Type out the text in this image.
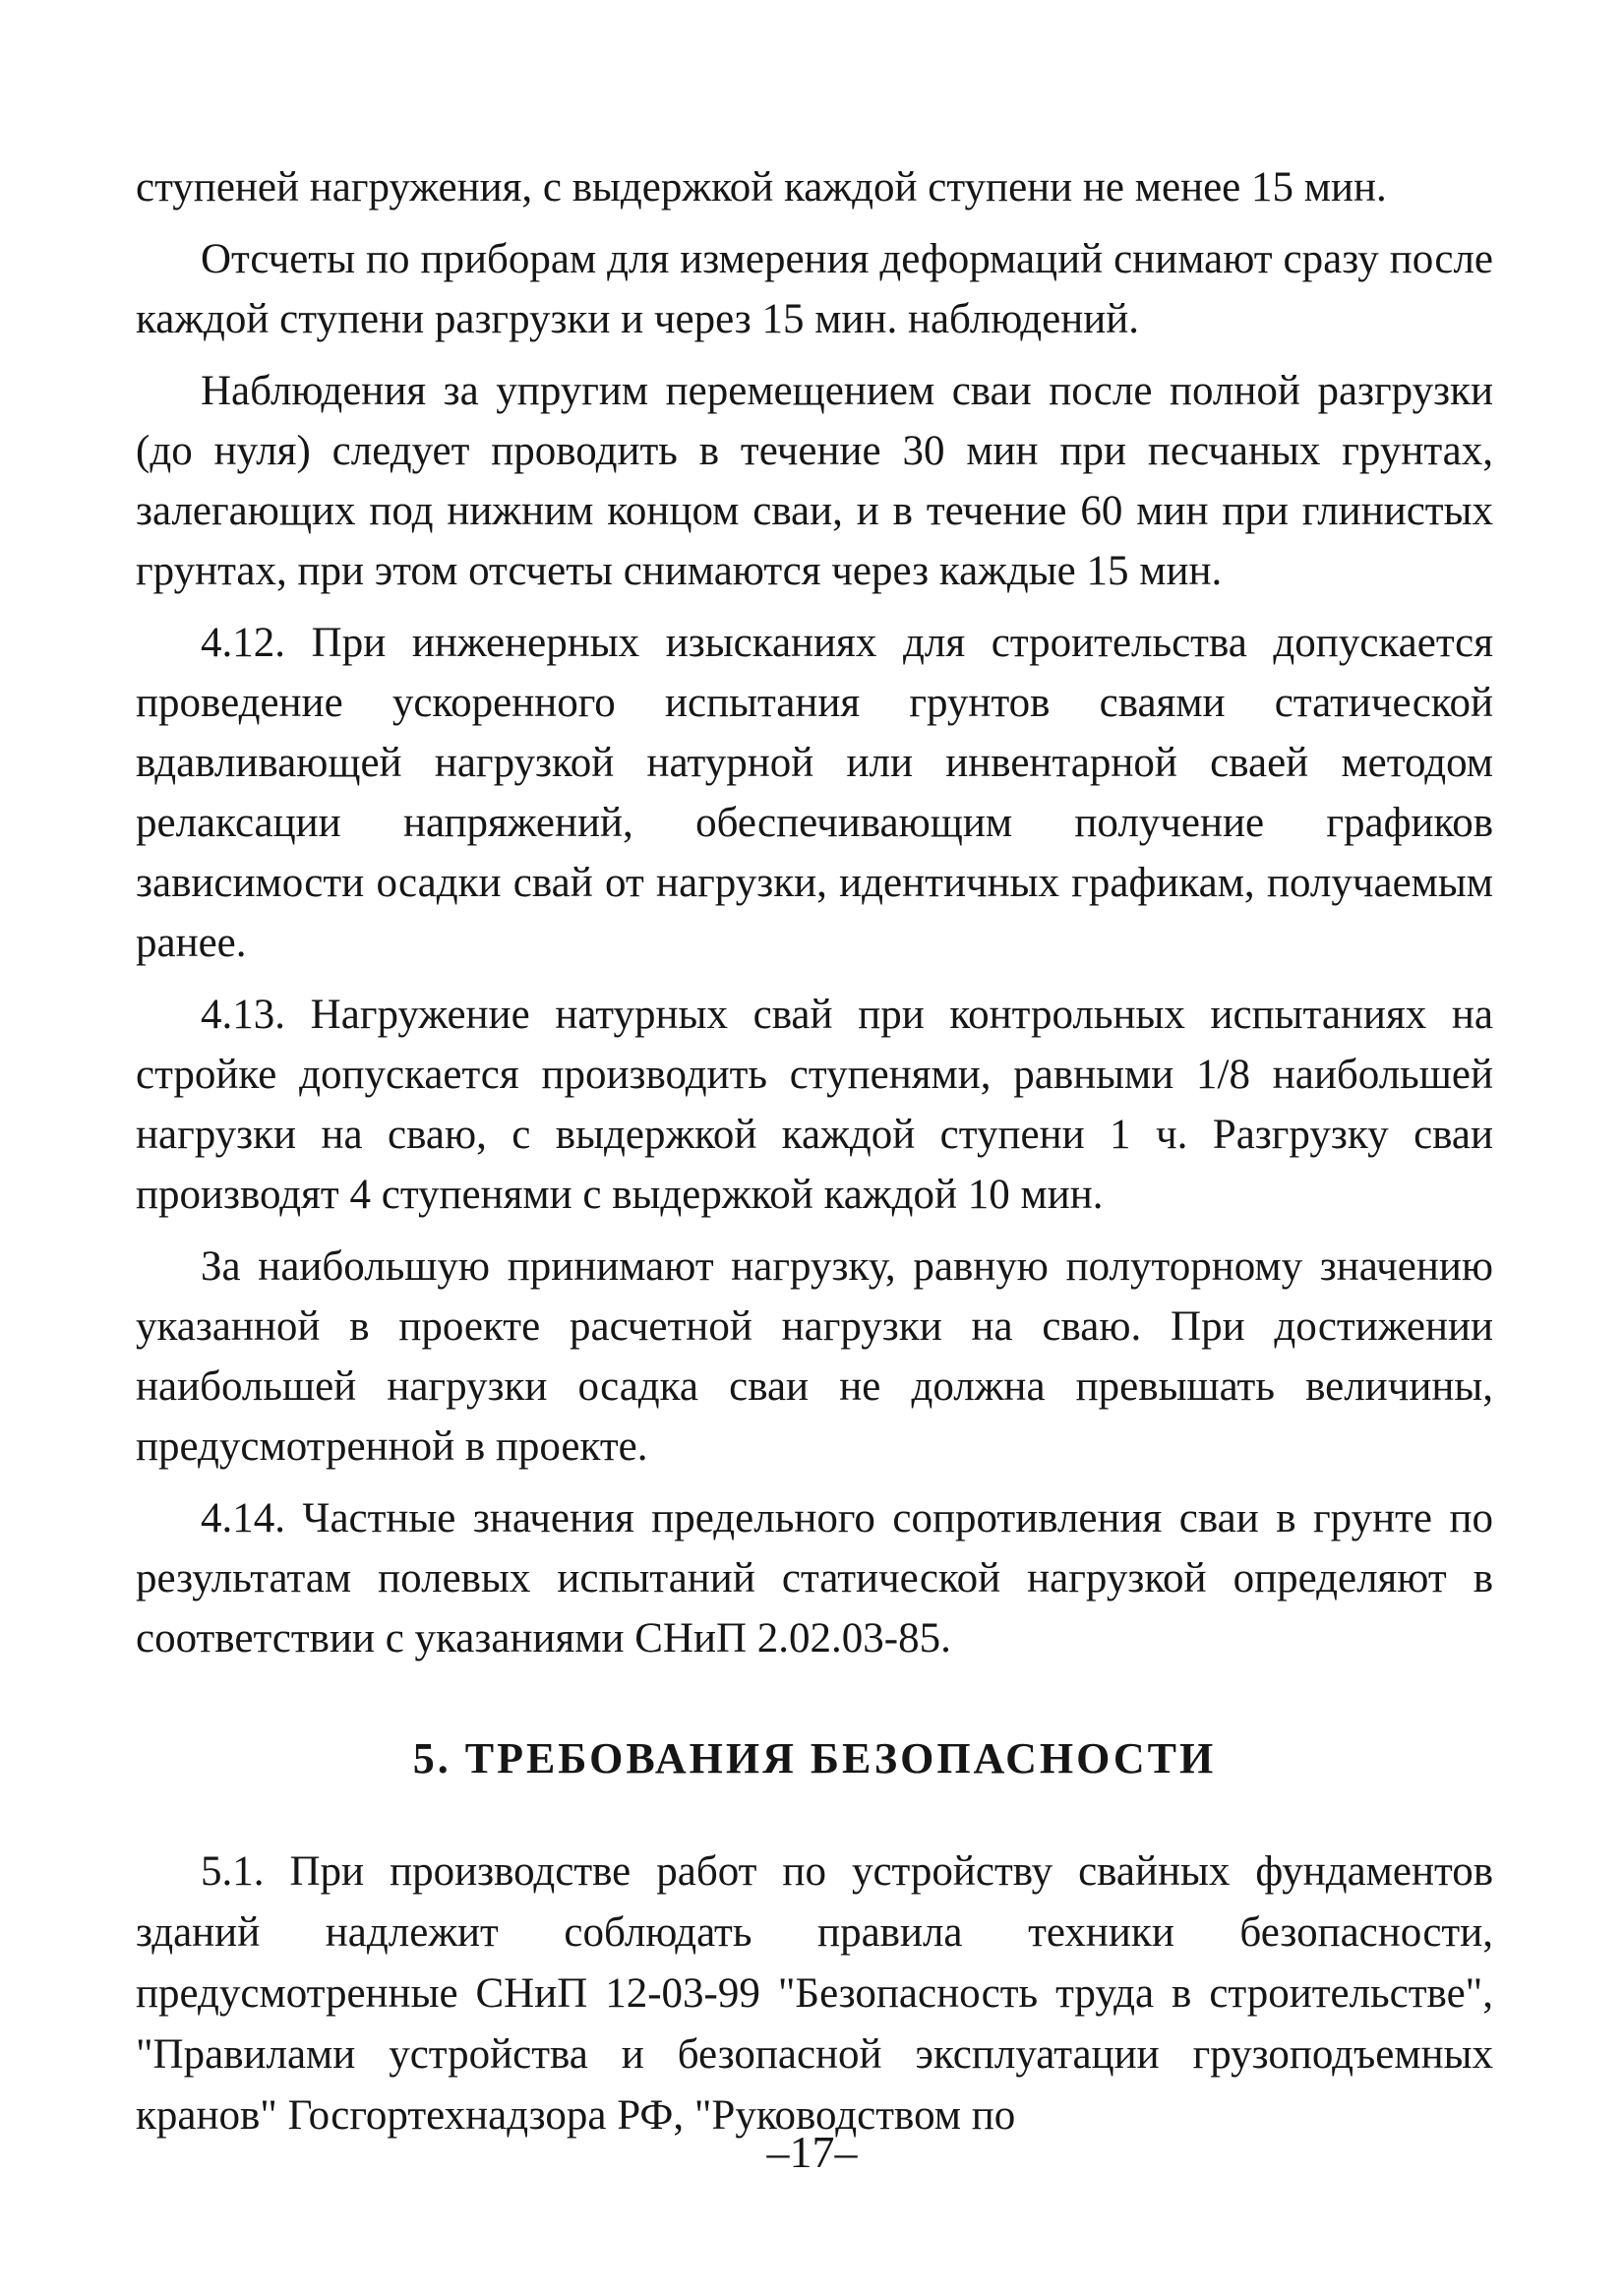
ступеней нагружения, с выдержкой каждой ступени не менее 15 мин.

Отсчеты по приборам для измерения деформаций снимают сразу после каждой ступени разгрузки и через 15 мин. наблюдений.

Наблюдения за упругим перемещением сваи после полной разгрузки (до нуля) следует проводить в течение 30 мин при песчаных грунтах, залегающих под нижним концом сваи, и в течение 60 мин при глинистых грунтах, при этом отсчеты снимаются через каждые 15 мин.

4.12. При инженерных изысканиях для строительства допускается проведение ускоренного испытания грунтов сваями статической вдавливающей нагрузкой натурной или инвентарной сваей методом релаксации напряжений, обеспечивающим получение графиков зависимости осадки свай от нагрузки, идентичных графикам, получаемым ранее.

4.13. Нагружение натурных свай при контрольных испытаниях на стройке допускается производить ступенями, равными 1/8 наибольшей нагрузки на сваю, с выдержкой каждой ступени 1 ч. Разгрузку сваи производят 4 ступенями с выдержкой каждой 10 мин.

За наибольшую принимают нагрузку, равную полуторному значению указанной в проекте расчетной нагрузки на сваю. При достижении наибольшей нагрузки осадка сваи не должна превышать величины, предусмотренной в проекте.

4.14. Частные значения предельного сопротивления сваи в грунте по результатам полевых испытаний статической нагрузкой определяют в соответствии с указаниями СНиП 2.02.03-85.

5. ТРЕБОВАНИЯ БЕЗОПАСНОСТИ

5.1. При производстве работ по устройству свайных фундаментов зданий надлежит соблюдать правила техники безопасности, предусмотренные СНиП 12-03-99 "Безопасность труда в строительстве", "Правилами устройства и безопасной эксплуатации грузоподъемных кранов" Госгортехнадзора РФ, "Руководством по

–17–
